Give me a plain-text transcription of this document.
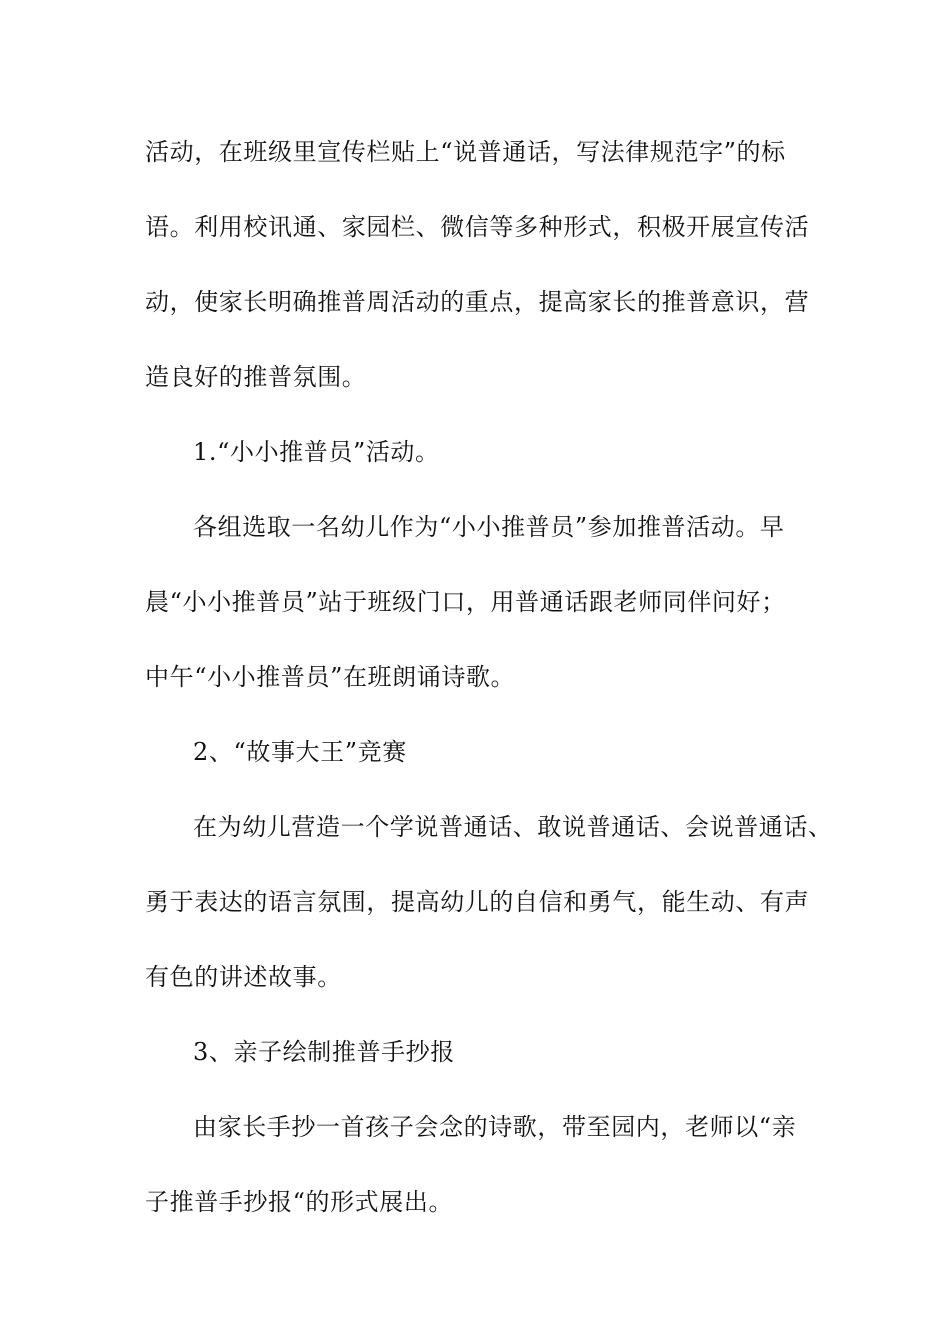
活动，在班级里宣传栏贴上“说普通话，写法律规范字”的标
语。利用校讯通、家园栏、微信等多种形式，积极开展宣传活
动，使家长明确推普周活动的重点，提高家长的推普意识，营
造良好的推普氛围。
1.“小小推普员”活动。
各组选取一名幼儿作为“小小推普员”参加推普活动。早
晨“小小推普员”站于班级门口，用普通话跟老师同伴问好；
中午“小小推普员”在班朗诵诗歌。
2、“故事大王”竞赛
在为幼儿营造一个学说普通话、敢说普通话、会说普通话、
勇于表达的语言氛围，提高幼儿的自信和勇气，能生动、有声
有色的讲述故事。
3、亲子绘制推普手抄报
由家长手抄一首孩子会念的诗歌，带至园内，老师以“亲
子推普手抄报“的形式展出。
